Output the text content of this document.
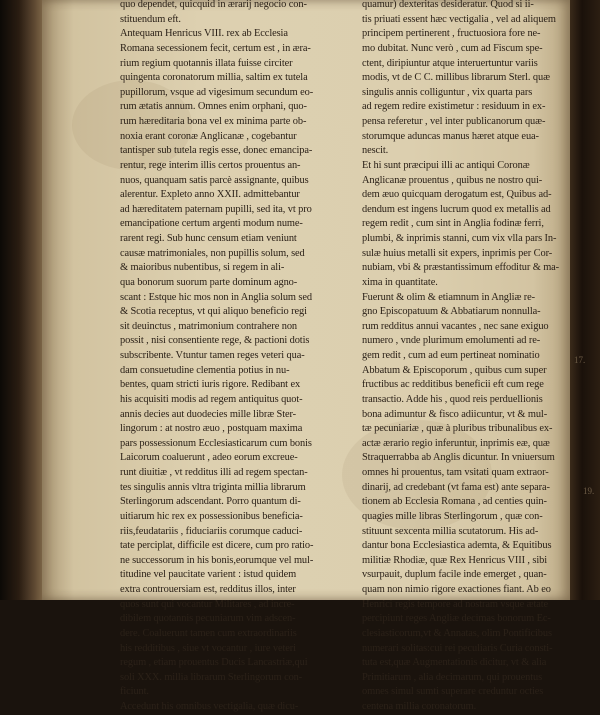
quo dependet, quicquid in ærarij negocio con-
stituendum eft.
Antequam Henricus VIII. rex ab Ecclesia
Romana secessionem fecit, certum est , in æra-
rium regium quotannis illata fuisse circiter
quingenta coronatorum millia, saltim ex tutela
pupillorum, vsque ad vigesimum secundum eo-
rum ætatis annum. Omnes enim orphani, quo-
rum hæreditaria bona vel ex minima parte ob-
noxia erant coronæ Anglicanæ , cogebantur
tantisper sub tutela regis esse, donec emancipa-
rentur, rege interim illis certos prouentus an-
nuos, quanquam satis parcè assignante, quibus
alerentur. Expleto anno XXII. admittebantur
ad hæreditatem paternam pupilli, sed ita, vt pro
emancipatione certum argenti modum nume-
rarent regi. Sub hunc censum etiam veniunt
causæ matrimoniales, non pupillis solum, sed
& maioribus nubentibus, si regem in ali-
qua bonorum suorum parte dominum agno-
scant : Estque hic mos non in Anglia solum sed
& Scotia receptus, vt qui aliquo beneficio regi
sit deuinctus , matrimonium contrahere non
possit , nisi consentiente rege, & pactioni dotis
subscribente. Vtuntur tamen reges veteri qua-
dam consuetudine clementia potius in nu-
bentes, quam stricti iuris rigore. Redibant ex
his acquisiti modis ad regem antiquitus quot-
annis decies aut duodecies mille libræ Ster-
lingorum : at nostro æuo , postquam maxima
pars possessionum Ecclesiasticarum cum bonis
Laicorum coaluerunt , adeo eorum excreue-
runt diuitiæ , vt redditus illi ad regem spectan-
tes singulis annis vltra triginta millia librarum
Sterlingorum adscendant. Porro quantum di-
uitiarum hic rex ex possessionibus beneficia-
riis,feudatariis , fiduciariis corumque caduci-
tate perciplat, difficile est dicere, cum pro ratio-
ne successorum in his bonis,eorumque vel mul-
titudine vel paucitate varient : istud quidem
extra controuersiam est, redditus illos, inter
quos sunt qui vocantur Militares , ad incre-
dibilem quotannis pecuniarum vim adscen-
dere. Coaluerunt tamen cum extraordinariis
his redditibus , siue vt vocantur , iure veteri
regum , etiam prouentus Ducis Lancastriæ,qui
soli XXX. millia librarum Sterlingorum con-
ficiunt.
Accedunt his omnibus vectigalia, quæ dicu-
quamur) dexteritas desideratur. Quod si ii-
tis priuati essent hæc vectigalia , vel ad aliquem
principem pertinerent , fructuosiora fore ne-
mo dubitat. Nunc verò , cum ad Fiscum spe-
ctent, diripiuntur atque interuertuntur variis
modis, vt de C C. millibus librarum Sterl. quæ
singulis annis colliguntur , vix quarta pars
ad regem redire existimetur : residuum in ex-
pensa referetur , vel inter publicanorum quæ-
storumque aduncas manus hæret atque eua-
nescit.
Et hi sunt præcipui illi ac antiqui Coronæ
Anglicanæ prouentus , quibus ne nostro qui-
dem æuo quicquam derogatum est, Quibus ad-
dendum est ingens lucrum quod ex metallis ad
regem redit , cum sint in Anglia fodinæ ferri,
plumbi, & inprimis stanni, cum vix vlla pars In-
sulæ huius metalli sit expers, inprimis per Cor-
nubiam, vbi & præstantissimum effoditur & ma-
xima in quantitate.
Fuerunt & olim & etiamnum in Angliæ re-
gno Episcopatuum & Abbatiarum nonnulla-
rum redditus annui vacantes , nec sane exiguo
numero , vnde plurimum emolumenti ad re-
gem redit , cum ad eum pertineat nominatio
Abbatum & Episcoporum , quibus cum super
fructibus ac redditibus beneficii eft cum rege
transactio. Adde his , quod reis perduellionis
bona adimuntur & fisco adiicuntur, vt & mul-
tæ pecuniariæ , quæ à pluribus tribunalibus ex-
actæ ærario regio inferuntur, inprimis eæ, quæ
Straquerrabba ab Anglis dicuntur. In vniuersum
omnes hi prouentus, tam vsitati quam extraor-
dinarij, ad credebant (vt fama est) ante separa-
tionem ab Ecclesia Romana , ad centies quin-
quagies mille libras Sterlingorum , quæ con-
stituunt sexcenta millia scutatorum. His ad-
dantur bona Ecclesiastica ademta, & Equitibus
militiæ Rhodiæ, quæ Rex Henricus VIII , sibi
vsurpauit, duplum facile inde emerget , quan-
quam non nimio rigore exactiones fiant. Ab eo
Henrici regis tempore ad nostram vsque ætate
percipiunt reges Angliæ decimas bonorum Ec-
clesiasticorum,vt & Annatas, olim Pontificibus
numerari solitas:cui rei peculiaris Curia consti-
tuta est,quæ Augmentationis dicitur, vt & alia
Primitiarum , alia decimarum, qui prouentus
omnes simul sumti superare creduntur octies
centena millia coronatorum.
17.
19.
